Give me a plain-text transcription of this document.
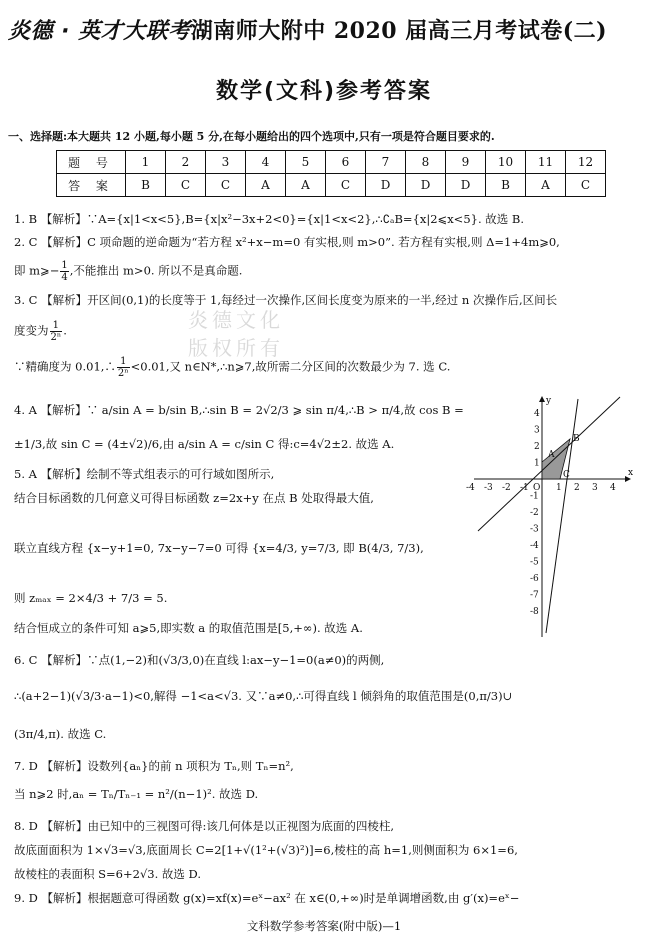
炎德 · 英才大联考湖南师大附中 2020 届高三月考试卷(二)
数学(文科)参考答案
一、选择题:本大题共 12 小题,每小题 5 分,在每小题给出的四个选项中,只有一项是符合题目要求的.
题 号	1	2	3	4	5	6	7	8	9	10	11	12
答 案	B	C	C	A	A	C	D	D	D	B	A	C
炎德文化 版权所有
1. B 【解析】∵A={x|1<x<5},B={x|x²−3x+2<0}={x|1<x<2},∴∁ₐB={x|2⩽x<5}. 故选 B.
2. C 【解析】C 项命题的逆命题为“若方程 x²+x−m=0 有实根,则 m>0”. 若方程有实根,则 Δ=1+4m⩾0,
即 m⩾− $\frac{1}{4}$ ,不能推出 m>0. 所以不是真命题.
3. C 【解析】开区间(0,1)的长度等于 1,每经过一次操作,区间长度变为原来的一半,经过 n 次操作后,区间长
度变为 $\frac{1}{\text{2ⁿ}}$ .
∵精确度为 0.01,∴ $\frac{1}{\text{2ⁿ}} <0.01$,又 n∈N*,∴n⩾7,故所需二分区间的次数最少为 7. 选 C.
4. A 【解析】∵ a/sin A = b/sin B,∴sin B = 2√2/3 ⩾ sin π/4,∴B > π/4,故 cos B =
±1/3,故 sin C = (4±√2)/6,由 a/sin A = c/sin C 得:c=4√2±2. 故选 A.
5. A 【解析】绘制不等式组表示的可行域如图所示,
结合目标函数的几何意义可得目标函数 z=2x+y 在点 B 处取得最大值,
联立直线方程 {x−y+1=0, 7x−y−7=0 可得 {x=4/3, y=7/3, 即 B(4/3, 7/3),
则 zₘₐₓ = 2×4/3 + 7/3 = 5.
结合恒成立的条件可知 a⩾5,即实数 a 的取值范围是[5,+∞). 故选 A.
6. C 【解析】∵点(1,−2)和(√3/3,0)在直线 l:ax−y−1=0(a≠0)的两侧,
∴(a+2−1)(√3/3·a−1)<0,解得 −1<a<√3. 又∵a≠0,∴可得直线 l 倾斜角的取值范围是(0,π/3)∪
(3π/4,π). 故选 C.
7. D 【解析】设数列{aₙ}的前 n 项积为 Tₙ,则 Tₙ=n²,
当 n⩾2 时,aₙ = Tₙ/Tₙ₋₁ = n²/(n−1)². 故选 D.
8. D 【解析】由已知中的三视图可得:该几何体是以正视图为底面的四棱柱,
故底面面积为 1×√3=√3,底面周长 C=2[1+√(1²+(√3)²)]=6,棱柱的高 h=1,则侧面积为 6×1=6,
故棱柱的表面积 S=6+2√3. 故选 D.
9. D 【解析】根据题意可得函数 g(x)=xf(x)=eˣ−ax² 在 x∈(0,+∞)时是单调增函数,由 g′(x)=eˣ−
-4 -3 -2 -1	1 2 3 4
4
3
2
1
-1
-2
-3
-4
-5
-6
-7
-8
O
x
y
A
B
C
文科数学参考答案(附中版)—1
